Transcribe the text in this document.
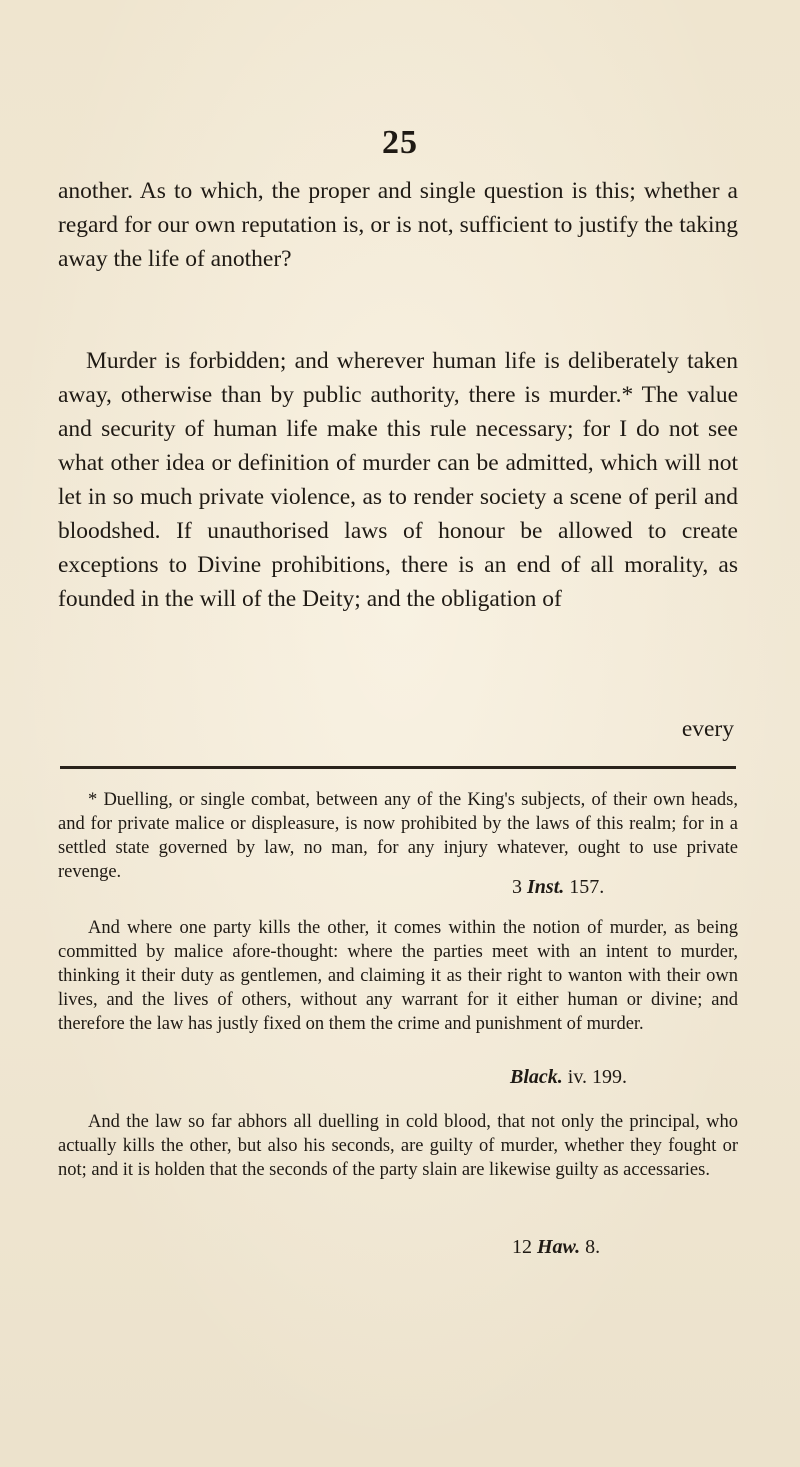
25
another. As to which, the proper and single question is this; whether a regard for our own reputation is, or is not, sufficient to justify the taking away the life of another?
Murder is forbidden; and wherever human life is deliberately taken away, otherwise than by public authority, there is murder.* The value and security of human life make this rule necessary; for I do not see what other idea or definition of murder can be admitted, which will not let in so much private violence, as to render society a scene of peril and bloodshed. If unauthorised laws of honour be allowed to create exceptions to Divine prohibitions, there is an end of all morality, as founded in the will of the Deity; and the obligation of
every
* Duelling, or single combat, between any of the King's subjects, of their own heads, and for private malice or displeasure, is now prohibited by the laws of this realm; for in a settled state governed by law, no man, for any injury whatever, ought to use private revenge.
3 Inst. 157.
And where one party kills the other, it comes within the notion of murder, as being committed by malice afore-thought: where the parties meet with an intent to murder, thinking it their duty as gentlemen, and claiming it as their right to wanton with their own lives, and the lives of others, without any warrant for it either human or divine; and therefore the law has justly fixed on them the crime and punishment of murder.
Black. iv. 199.
And the law so far abhors all duelling in cold blood, that not only the principal, who actually kills the other, but also his seconds, are guilty of murder, whether they fought or not; and it is holden that the seconds of the party slain are likewise guilty as accessaries.
12 Haw. 8.
